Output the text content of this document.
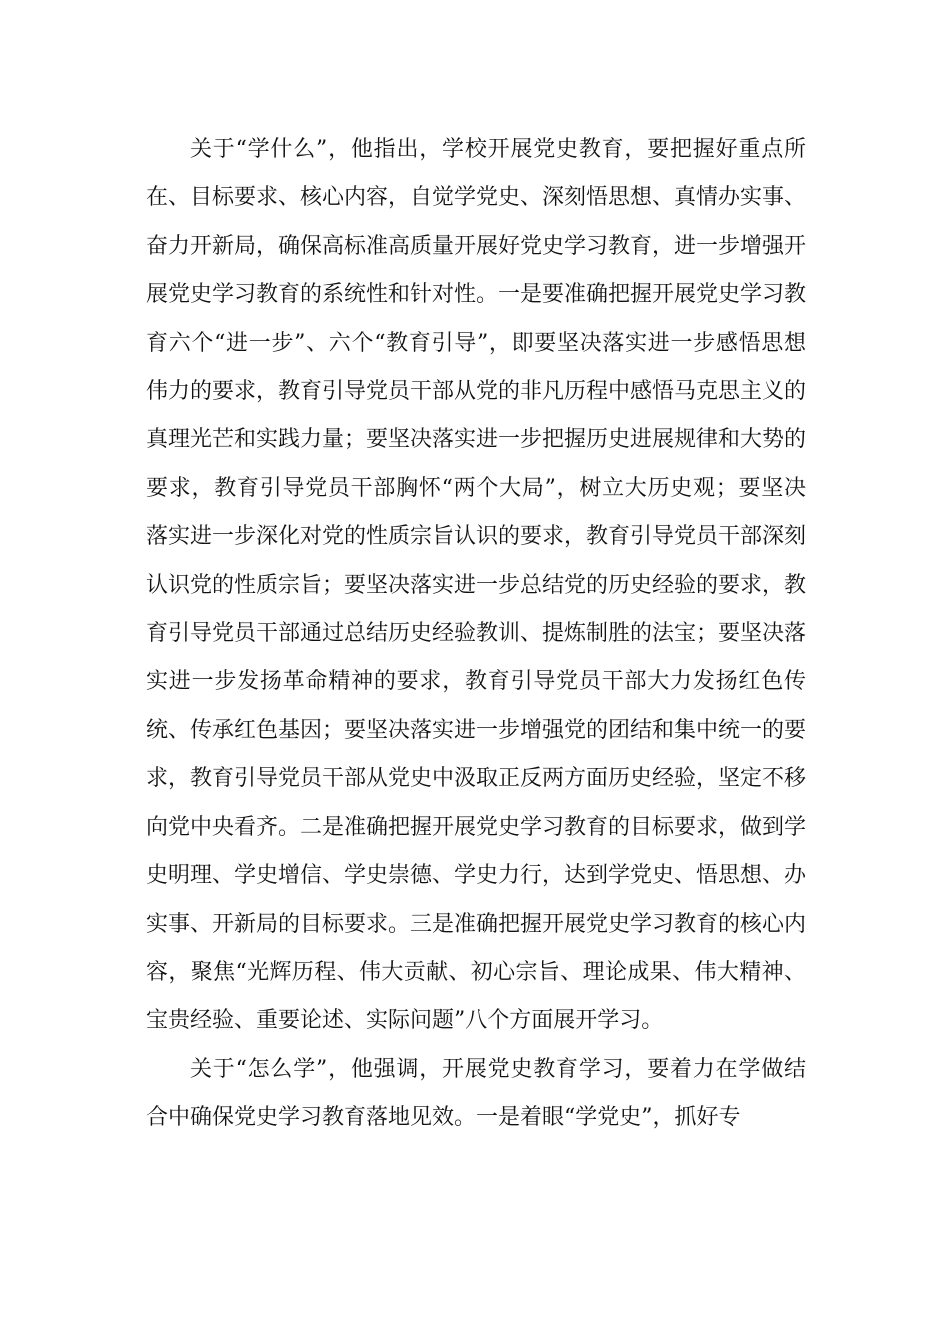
关于“学什么”，他指出，学校开展党史教育，要把握好重点所在、目标要求、核心内容，自觉学党史、深刻悟思想、真情办实事、奋力开新局，确保高标准高质量开展好党史学习教育，进一步增强开展党史学习教育的系统性和针对性。一是要准确把握开展党史学习教育六个“进一步”、六个“教育引导”，即要坚决落实进一步感悟思想伟力的要求，教育引导党员干部从党的非凡历程中感悟马克思主义的真理光芒和实践力量；要坚决落实进一步把握历史进展规律和大势的要求，教育引导党员干部胸怀“两个大局”，树立大历史观；要坚决落实进一步深化对党的性质宗旨认识的要求，教育引导党员干部深刻认识党的性质宗旨；要坚决落实进一步总结党的历史经验的要求，教育引导党员干部通过总结历史经验教训、提炼制胜的法宝；要坚决落实进一步发扬革命精神的要求，教育引导党员干部大力发扬红色传统、传承红色基因；要坚决落实进一步增强党的团结和集中统一的要求，教育引导党员干部从党史中汲取正反两方面历史经验，坚定不移向党中央看齐。二是准确把握开展党史学习教育的目标要求，做到学史明理、学史增信、学史崇德、学史力行，达到学党史、悟思想、办实事、开新局的目标要求。三是准确把握开展党史学习教育的核心内容，聚焦“光辉历程、伟大贡献、初心宗旨、理论成果、伟大精神、宝贵经验、重要论述、实际问题”八个方面展开学习。

关于“怎么学”，他强调，开展党史教育学习，要着力在学做结合中确保党史学习教育落地见效。一是着眼“学党史”，抓好专
